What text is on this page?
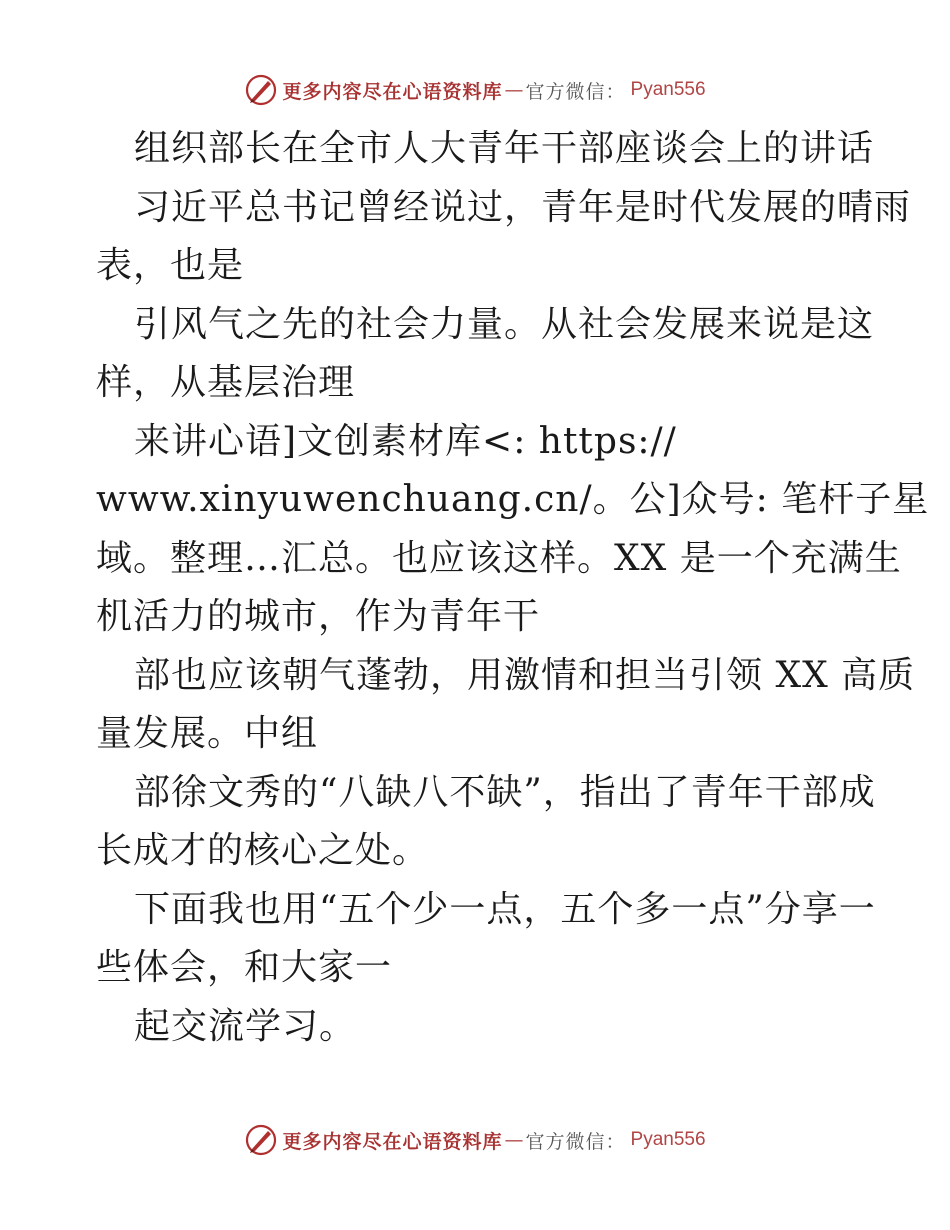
更多内容尽在心语资料库 — 官方微信 ： Pyan556
组织部长在全市人大青年干部座谈会上的讲话
习近平总书记曾经说过，青年是时代发展的晴雨
表，也是
引风气之先的社会力量。从社会发展来说是这
样，从基层治理
来讲心语]文创素材库<: https://
www.xinyuwenchuang.cn/。公]众号: 笔杆子星
域。整理…汇总。也应该这样。XX 是一个充满生
机活力的城市，作为青年干
部也应该朝气蓬勃，用激情和担当引领 XX 高质
量发展。中组
部徐文秀的“八缺八不缺”，指出了青年干部成
长成才的核心之处。
下面我也用“五个少一点，五个多一点”分享一
些体会，和大家一
起交流学习。
更多内容尽在心语资料库 — 官方微信 ： Pyan556
